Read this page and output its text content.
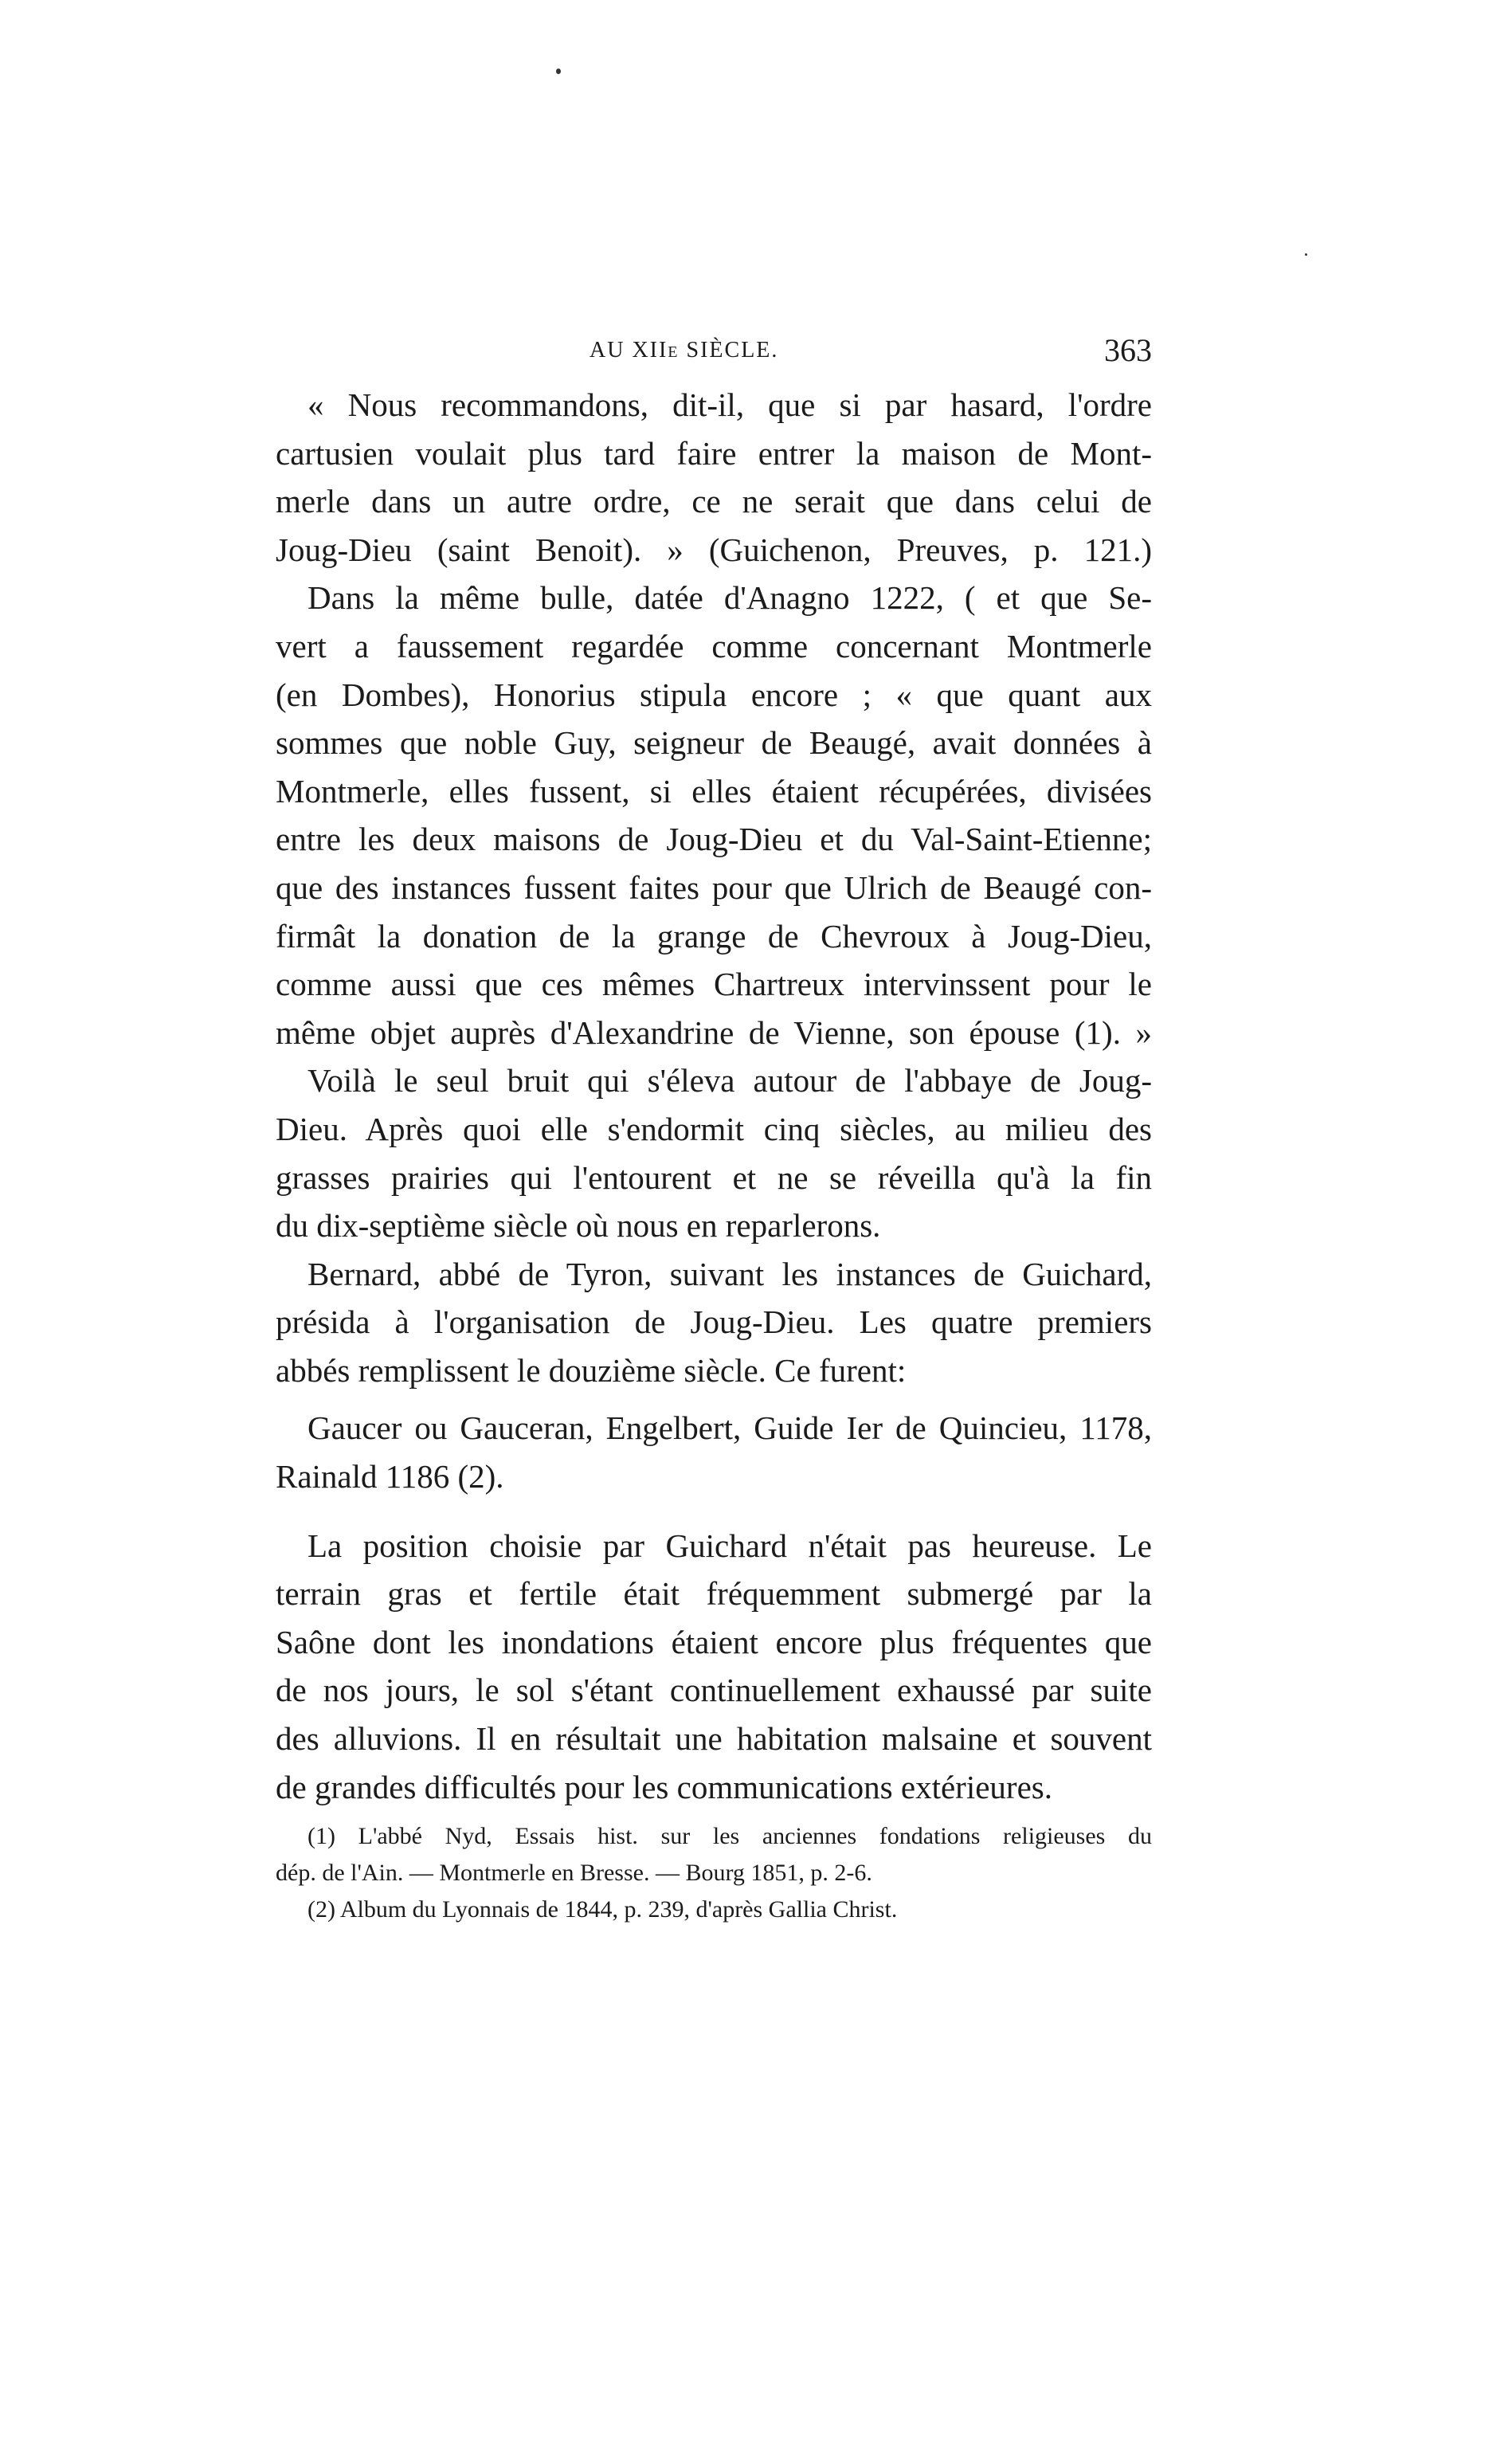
AU XIIe SIÈCLE.	363
« Nous recommandons, dit-il, que si par hasard, l'ordre
cartusien voulait plus tard faire entrer la maison de Mont-
merle dans un autre ordre, ce ne serait que dans celui de
Joug-Dieu (saint Benoit). » (Guichenon, Preuves, p. 121.)
Dans la même bulle, datée d'Anagno 1222, ( et que Se-
vert a faussement regardée comme concernant Montmerle
(en Dombes), Honorius stipula encore ; « que quant aux
sommes que noble Guy, seigneur de Beaugé, avait données à
Montmerle, elles fussent, si elles étaient récupérées, divisées
entre les deux maisons de Joug-Dieu et du Val-Saint-Etienne;
que des instances fussent faites pour que Ulrich de Beaugé con-
firmât la donation de la grange de Chevroux à Joug-Dieu,
comme aussi que ces mêmes Chartreux intervinssent pour le
même objet auprès d'Alexandrine de Vienne, son épouse (1). »
Voilà le seul bruit qui s'éleva autour de l'abbaye de Joug-
Dieu. Après quoi elle s'endormit cinq siècles, au milieu des
grasses prairies qui l'entourent et ne se réveilla qu'à la fin
du dix-septième siècle où nous en reparlerons.
Bernard, abbé de Tyron, suivant les instances de Guichard,
présida à l'organisation de Joug-Dieu. Les quatre premiers
abbés remplissent le douzième siècle. Ce furent:
Gaucer ou Gauceran, Engelbert, Guide Ier de Quincieu, 1178,
Rainald 1186 (2).
La position choisie par Guichard n'était pas heureuse. Le
terrain gras et fertile était fréquemment submergé par la
Saône dont les inondations étaient encore plus fréquentes que
de nos jours, le sol s'étant continuellement exhaussé par suite
des alluvions. Il en résultait une habitation malsaine et souvent
de grandes difficultés pour les communications extérieures.
(1) L'abbé Nyd, Essais hist. sur les anciennes fondations religieuses du
dép. de l'Ain. — Montmerle en Bresse. — Bourg 1851, p. 2-6.
(2) Album du Lyonnais de 1844, p. 239, d'après Gallia Christ.
